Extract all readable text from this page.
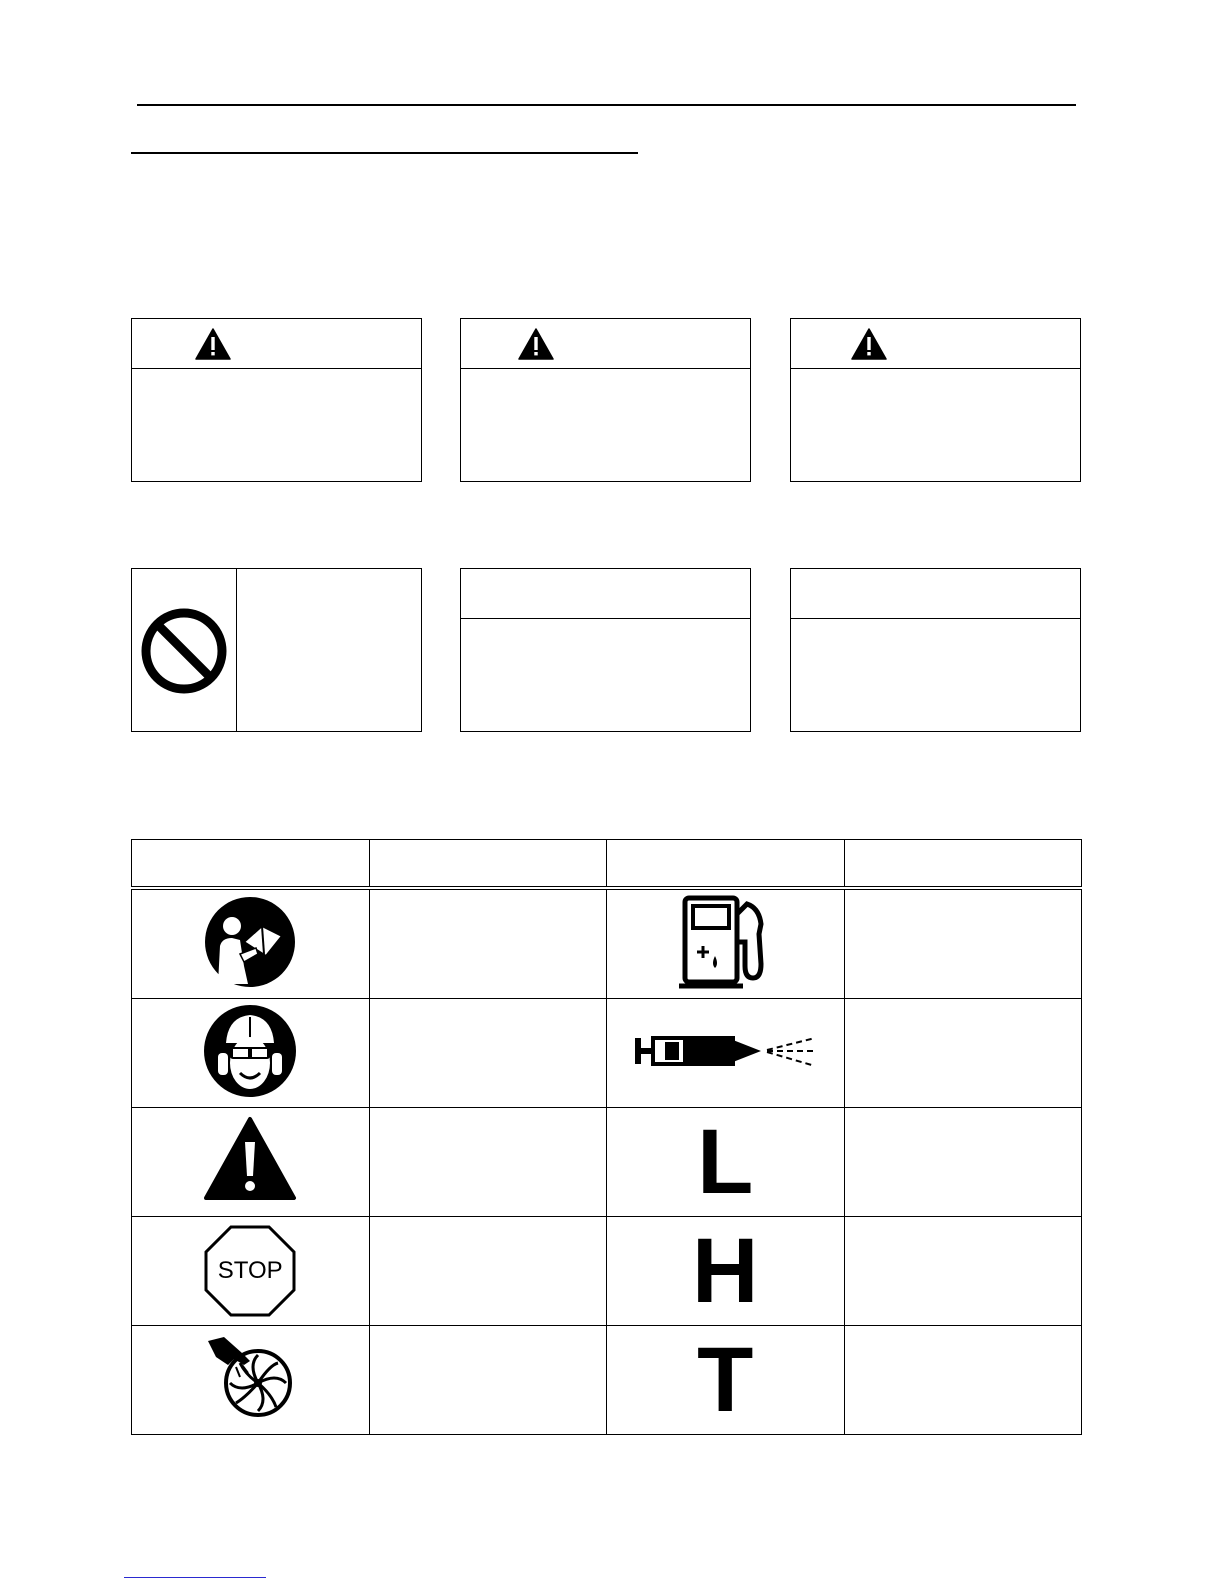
		L	

STOP		H	
		T	
